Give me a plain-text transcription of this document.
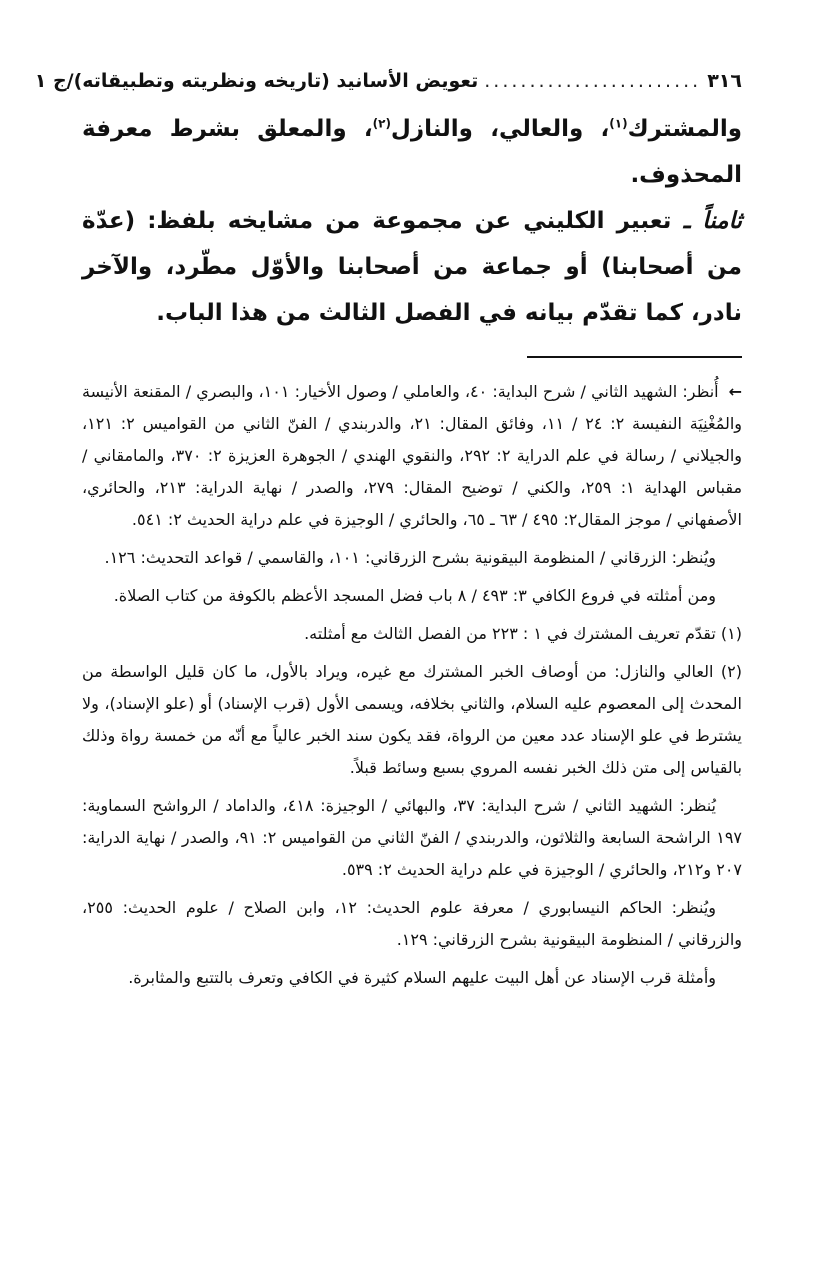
٣١٦
........................
تعويض الأسانيد (تاريخه ونظريته وتطبيقاته)/ج ١

والمشترك$^{(١)}$، والعالي، والنازل$^{(٢)}$، والمعلق بشرط معرفة المحذوف.

ثامناً ـ تعبير الكليني عن مجموعة من مشايخه بلفظ: (عدّة من أصحابنا) أو جماعة من أصحابنا والأوّل مطّرد، والآخر نادر، كما تقدّم بيانه في الفصل الثالث من هذا الباب.

←أُنظر: الشهيد الثاني / شرح البداية: ٤٠، والعاملي / وصول الأخيار: ١٠١، والبصري / المقنعة الأنيسة والمُغْنِيَة النفيسة ٢: ٢٤ / ١١، وفائق المقال: ٢١، والدربندي / الفنّ الثاني من القواميس ٢: ١٢١، والجيلاني / رسالة في علم الدراية ٢: ٢٩٢، والنقوي الهندي / الجوهرة العزيزة ٢: ٣٧٠، والمامقاني / مقباس الهداية ١: ٢٥٩، والكني / توضيح المقال: ٢٧٩، والصدر / نهاية الدراية: ٢١٣، والحائري، الأصفهاني / موجز المقال٢: ٤٩٥ / ٦٣ ـ ٦٥، والحائري / الوجيزة في علم دراية الحديث ٢: ٥٤١.

ويُنظر: الزرقاني / المنظومة البيقونية بشرح الزرقاني: ١٠١، والقاسمي / قواعد التحديث: ١٢٦.

ومن أمثلته في فروع الكافي ٣: ٤٩٣ / ٨ باب فضل المسجد الأعظم بالكوفة من كتاب الصلاة.

(١) تقدّم تعريف المشترك في ١ : ٢٢٣ من الفصل الثالث مع أمثلته.

(٢) العالي والنازل: من أوصاف الخبر المشترك مع غيره، ويراد بالأول، ما كان قليل الواسطة من المحدث إلى المعصوم عليه السلام، والثاني بخلافه، ويسمى الأول (قرب الإسناد) أو (علو الإسناد)، ولا يشترط في علو الإسناد عدد معين من الرواة، فقد يكون سند الخبر عالياً مع أنّه من خمسة رواة وذلك بالقياس إلى متن ذلك الخبر نفسه المروي بسبع وسائط قبلاً.

يُنظر: الشهيد الثاني / شرح البداية: ٣٧، والبهائي / الوجيزة: ٤١٨، والداماد / الرواشح السماوية: ١٩٧ الراشحة السابعة والثلاثون، والدربندي / الفنّ الثاني من القواميس ٢: ٩١، والصدر / نهاية الدراية: ٢٠٧ و٢١٢، والحائري / الوجيزة في علم دراية الحديث ٢: ٥٣٩.

ويُنظر: الحاكم النيسابوري / معرفة علوم الحديث: ١٢، وابن الصلاح / علوم الحديث: ٢٥٥، والزرقاني / المنظومة البيقونية بشرح الزرقاني: ١٢٩.

وأمثلة قرب الإسناد عن أهل البيت عليهم السلام كثيرة في الكافي وتعرف بالتتبع والمثابرة.
